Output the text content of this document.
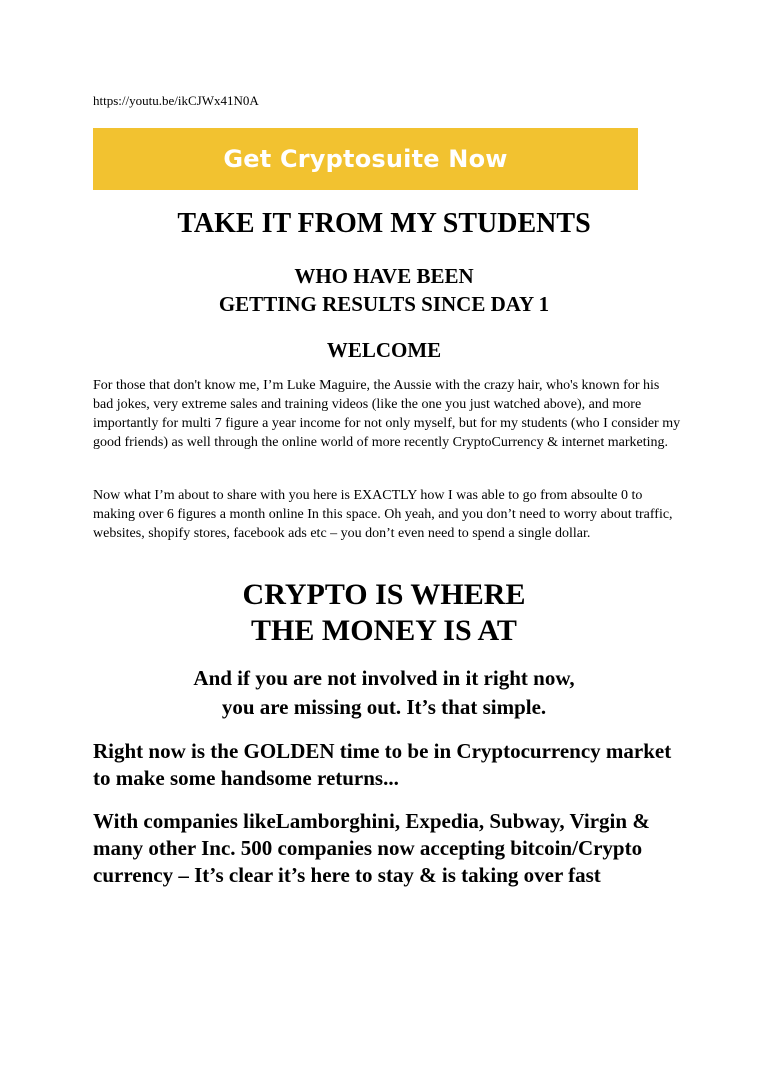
https://youtu.be/ikCJWx41N0A
Get Cryptosuite Now
TAKE IT FROM MY STUDENTS
WHO HAVE BEEN
GETTING RESULTS SINCE DAY 1
WELCOME

For those that don't know me, I’m Luke Maguire, the Aussie with the crazy hair, who's known for his bad jokes, very extreme sales and training videos (like the one you just watched above), and more importantly for multi 7 figure a year income for not only myself, but for my students (who I consider my good friends) as well through the online world of more recently CryptoCurrency & internet marketing.

Now what I’m about to share with you here is EXACTLY how I was able to go from absoulte 0 to making over 6 figures a month online In this space. Oh yeah, and you don’t need to worry about traffic, websites, shopify stores, facebook ads etc – you don’t even need to spend a single dollar.

CRYPTO IS WHERE
THE MONEY IS AT
And if you are not involved in it right now,
you are missing out. It’s that simple.

Right now is the GOLDEN time to be in Cryptocurrency market to make some handsome returns...

With companies likeLamborghini, Expedia, Subway, Virgin & many other Inc. 500 companies now accepting bitcoin/Crypto currency – It’s clear it’s here to stay & is taking over fast
